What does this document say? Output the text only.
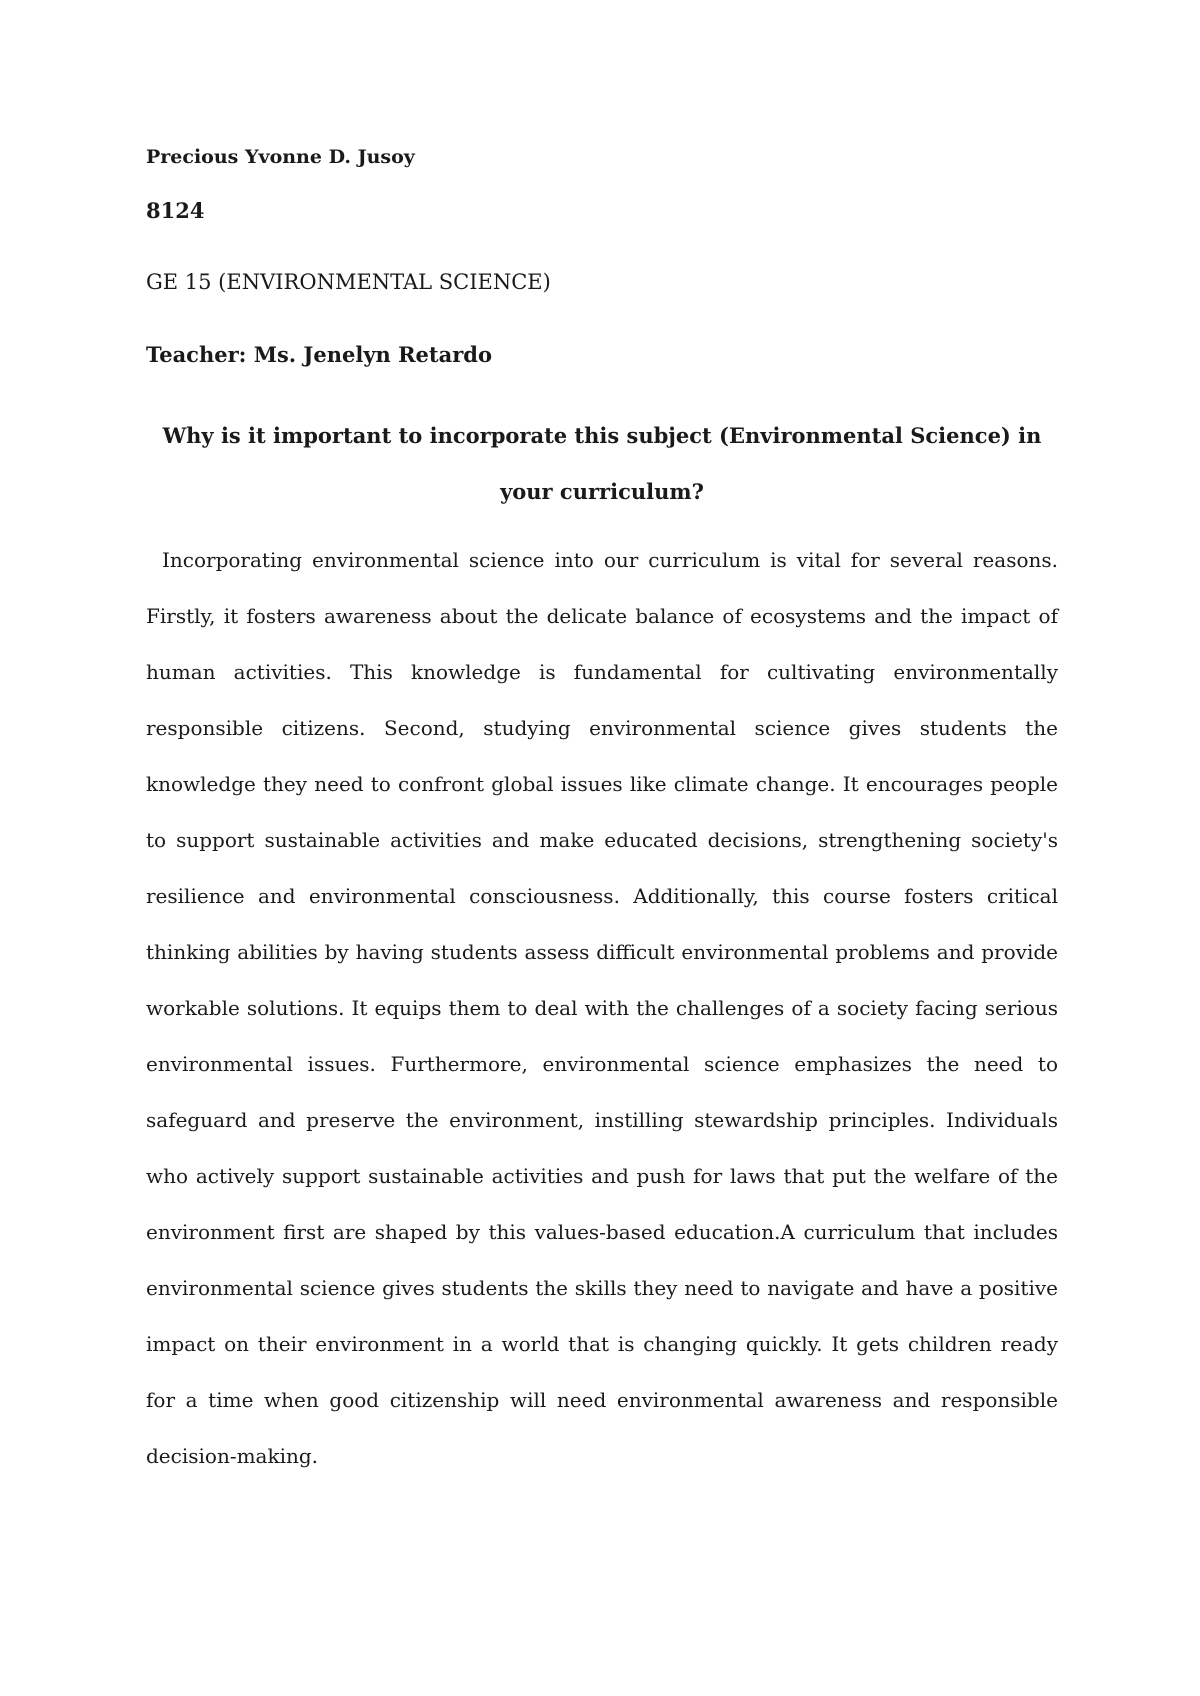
Precious Yvonne D. Jusoy
8124
GE 15 (ENVIRONMENTAL SCIENCE)
Teacher: Ms. Jenelyn Retardo
Why is it important to incorporate this subject (Environmental Science) in your curriculum?

Incorporating environmental science into our curriculum is vital for several reasons. Firstly, it fosters awareness about the delicate balance of ecosystems and the impact of human activities. This knowledge is fundamental for cultivating environmentally responsible citizens. Second, studying environmental science gives students the knowledge they need to confront global issues like climate change. It encourages people to support sustainable activities and make educated decisions, strengthening society's resilience and environmental consciousness. Additionally, this course fosters critical thinking abilities by having students assess difficult environmental problems and provide workable solutions. It equips them to deal with the challenges of a society facing serious environmental issues. Furthermore, environmental science emphasizes the need to safeguard and preserve the environment, instilling stewardship principles. Individuals who actively support sustainable activities and push for laws that put the welfare of the environment first are shaped by this values-based education.A curriculum that includes environmental science gives students the skills they need to navigate and have a positive impact on their environment in a world that is changing quickly. It gets children ready for a time when good citizenship will need environmental awareness and responsible decision-making.
